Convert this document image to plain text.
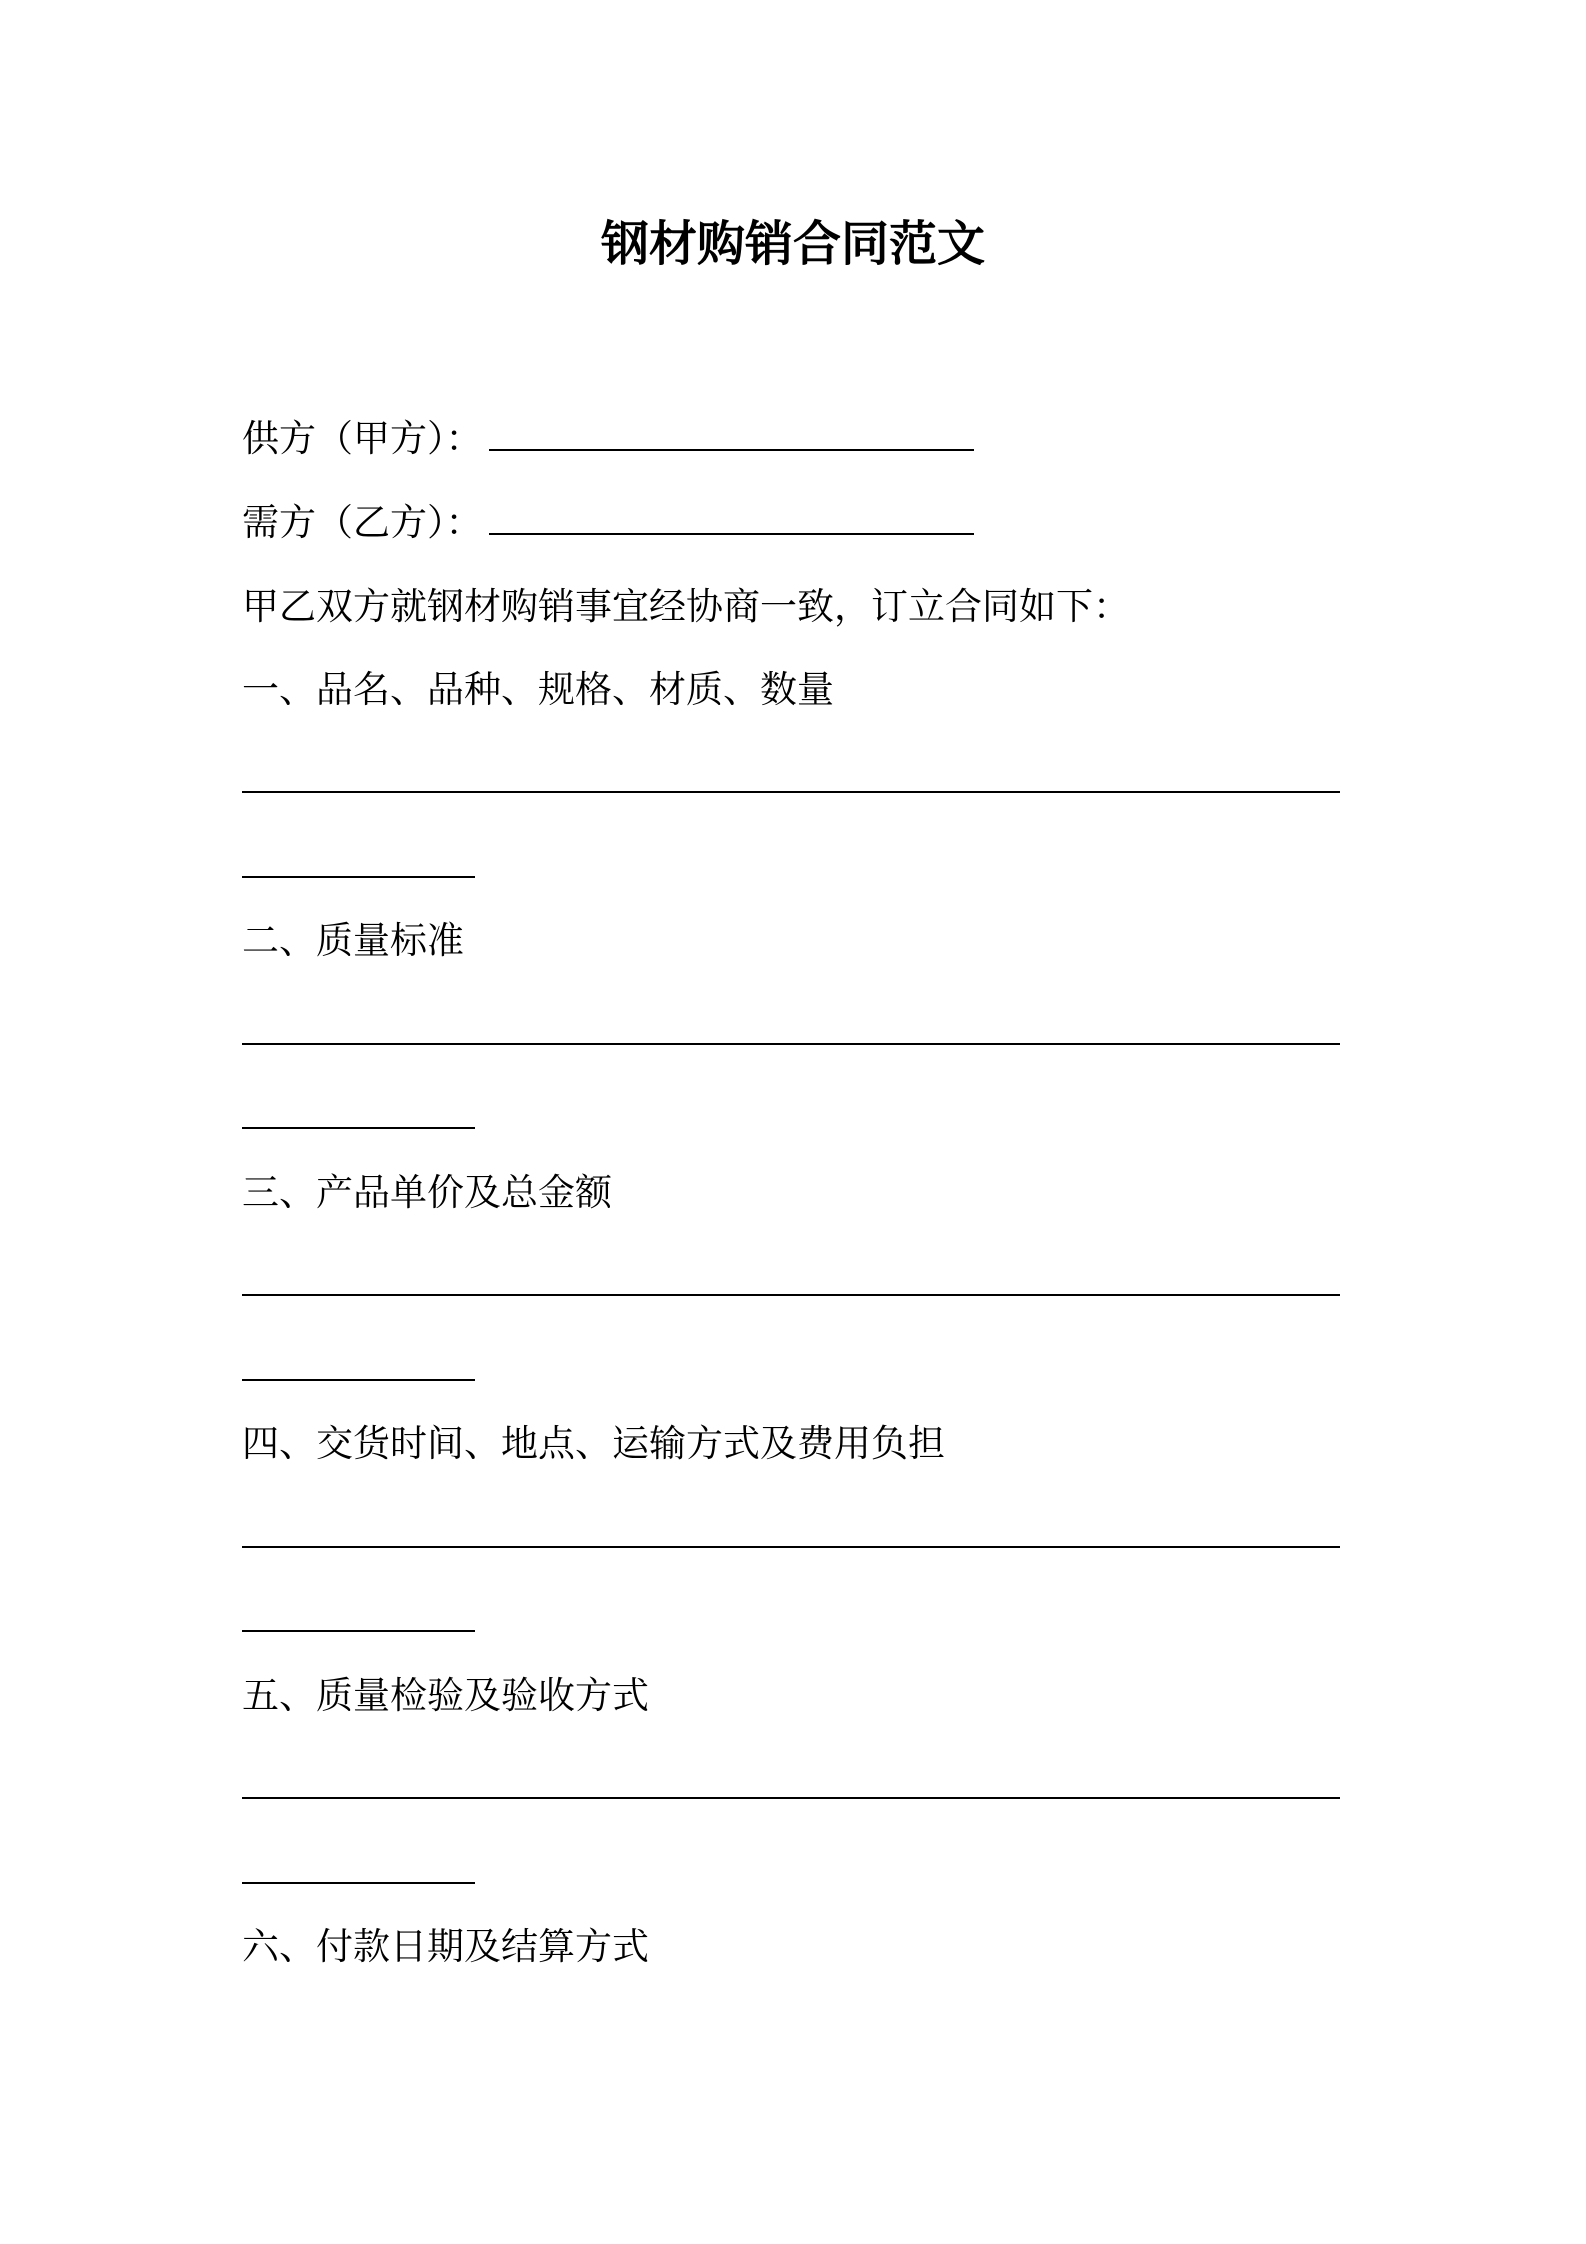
钢材购销合同范文
供方（甲方）：
需方（乙方）：
甲乙双方就钢材购销事宜经协商一致，订立合同如下：
一、品名、品种、规格、材质、数量
二、质量标准
三、产品单价及总金额
四、交货时间、地点、运输方式及费用负担
五、质量检验及验收方式
六、付款日期及结算方式
